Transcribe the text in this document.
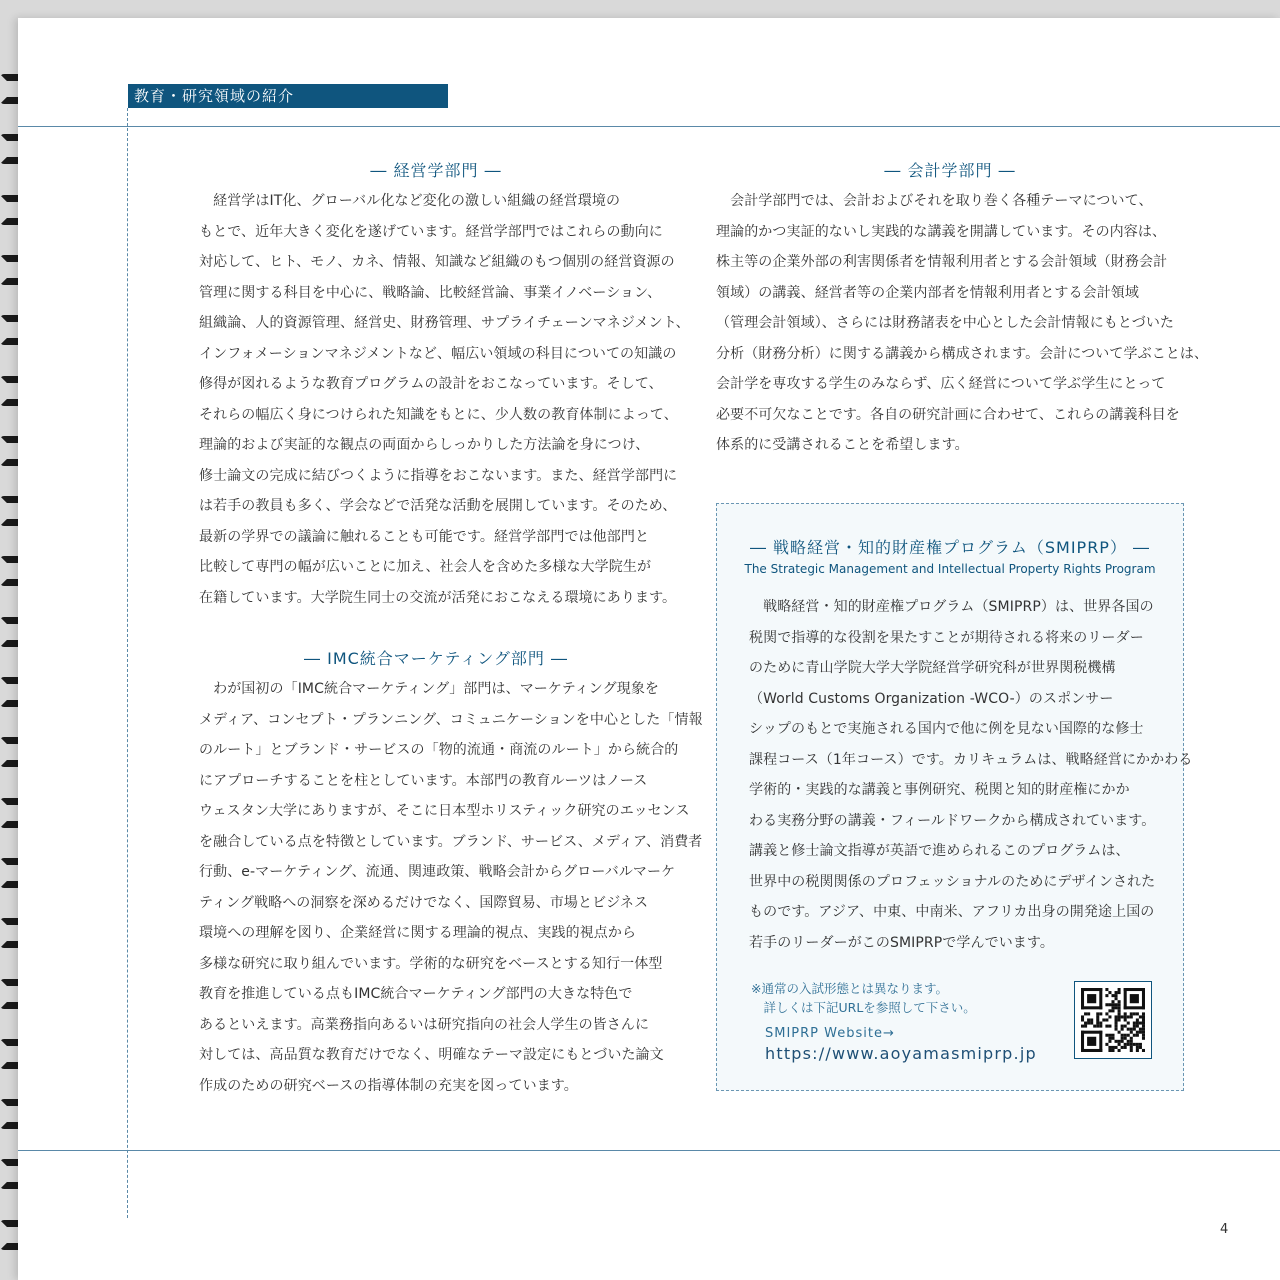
教育・研究領域の紹介
― 経営学部門 ―
　経営学はIT化、グローバル化など変化の激しい組織の経営環境の
もとで、近年大きく変化を遂げています。経営学部門ではこれらの動向に
対応して、ヒト、モノ、カネ、情報、知識など組織のもつ個別の経営資源の
管理に関する科目を中心に、戦略論、比較経営論、事業イノベーション、
組織論、人的資源管理、経営史、財務管理、サプライチェーンマネジメント、
インフォメーションマネジメントなど、幅広い領域の科目についての知識の
修得が図れるような教育プログラムの設計をおこなっています。そして、
それらの幅広く身につけられた知識をもとに、少人数の教育体制によって、
理論的および実証的な観点の両面からしっかりした方法論を身につけ、
修士論文の完成に結びつくように指導をおこないます。また、経営学部門に
は若手の教員も多く、学会などで活発な活動を展開しています。そのため、
最新の学界での議論に触れることも可能です。経営学部門では他部門と
比較して専門の幅が広いことに加え、社会人を含めた多様な大学院生が
在籍しています。大学院生同士の交流が活発におこなえる環境にあります。
― IMC統合マーケティング部門 ―
　わが国初の「IMC統合マーケティング」部門は、マーケティング現象を
メディア、コンセプト・プランニング、コミュニケーションを中心とした「情報
のルート」とブランド・サービスの「物的流通・商流のルート」から統合的
にアプローチすることを柱としています。本部門の教育ルーツはノース
ウェスタン大学にありますが、そこに日本型ホリスティック研究のエッセンス
を融合している点を特徴としています。ブランド、サービス、メディア、消費者
行動、e-マーケティング、流通、関連政策、戦略会計からグローバルマーケ
ティング戦略への洞察を深めるだけでなく、国際貿易、市場とビジネス
環境への理解を図り、企業経営に関する理論的視点、実践的視点から
多様な研究に取り組んでいます。学術的な研究をベースとする知行一体型
教育を推進している点もIMC統合マーケティング部門の大きな特色で
あるといえます。高業務指向あるいは研究指向の社会人学生の皆さんに
対しては、高品質な教育だけでなく、明確なテーマ設定にもとづいた論文
作成のための研究ベースの指導体制の充実を図っています。
― 会計学部門 ―
　会計学部門では、会計およびそれを取り巻く各種テーマについて、
理論的かつ実証的ないし実践的な講義を開講しています。その内容は、
株主等の企業外部の利害関係者を情報利用者とする会計領域（財務会計
領域）の講義、経営者等の企業内部者を情報利用者とする会計領域
（管理会計領域）、さらには財務諸表を中心とした会計情報にもとづいた
分析（財務分析）に関する講義から構成されます。会計について学ぶことは、
会計学を専攻する学生のみならず、広く経営について学ぶ学生にとって
必要不可欠なことです。各自の研究計画に合わせて、これらの講義科目を
体系的に受講されることを希望します。
― 戦略経営・知的財産権プログラム（SMIPRP） ―
The Strategic Management and Intellectual Property Rights Program
　戦略経営・知的財産権プログラム（SMIPRP）は、世界各国の
税関で指導的な役割を果たすことが期待される将来のリーダー
のために青山学院大学大学院経営学研究科が世界関税機構
（World Customs Organization -WCO-）のスポンサー
シップのもとで実施される国内で他に例を見ない国際的な修士
課程コース（1年コース）です。カリキュラムは、戦略経営にかかわる
学術的・実践的な講義と事例研究、税関と知的財産権にかか
わる実務分野の講義・フィールドワークから構成されています。
講義と修士論文指導が英語で進められるこのプログラムは、
世界中の税関関係のプロフェッショナルのためにデザインされた
ものです。アジア、中東、中南米、アフリカ出身の開発途上国の
若手のリーダーがこのSMIPRPで学んでいます。
※通常の入試形態とは異なります。
　詳しくは下記URLを参照して下さい。
SMIPRP Website→
https://www.aoyamasmiprp.jp
4
